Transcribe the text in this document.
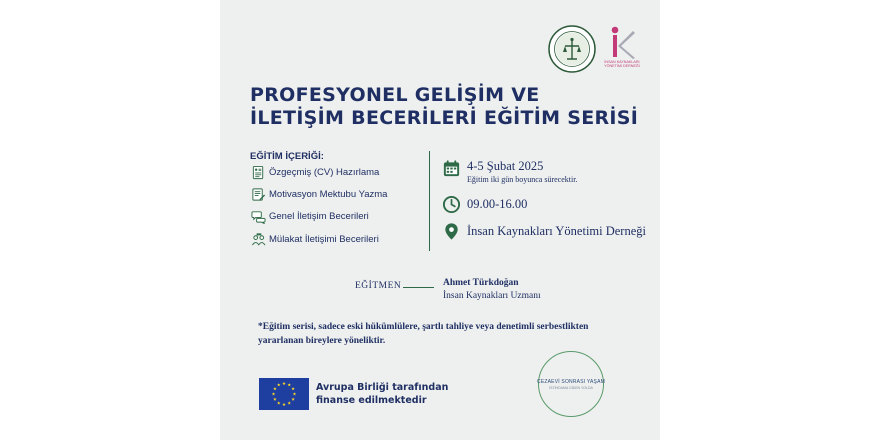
İNSAN KAYNAKLARI
YÖNETİMİ DERNEĞİ
PROFESYONEL GELİŞİM VE
İLETİŞİM BECERİLERİ EĞİTİM SERİSİ
EĞİTİM İÇERİĞİ:
Özgeçmiş (CV) Hazırlama
Motivasyon Mektubu Yazma
Genel İletişim Becerileri
Mülakat İletişimi Becerileri
4-5 Şubat 2025
Eğitim iki gün boyunca sürecektir.
09.00-16.00
İnsan Kaynakları Yönetimi Derneği
EĞİTMEN	Ahmet Türkdoğan
İnsan Kaynakları Uzmanı
*Eğitim serisi, sadece eski hükümlülere, şartlı tahliye veya denetimli serbestlikten yararlanan bireylere yöneliktir.
Avrupa Birliği tarafından
finanse edilmektedir
CEZAEVİ SONRASI YAŞAM
İSTİHDAMA GİDEN YOLDA
